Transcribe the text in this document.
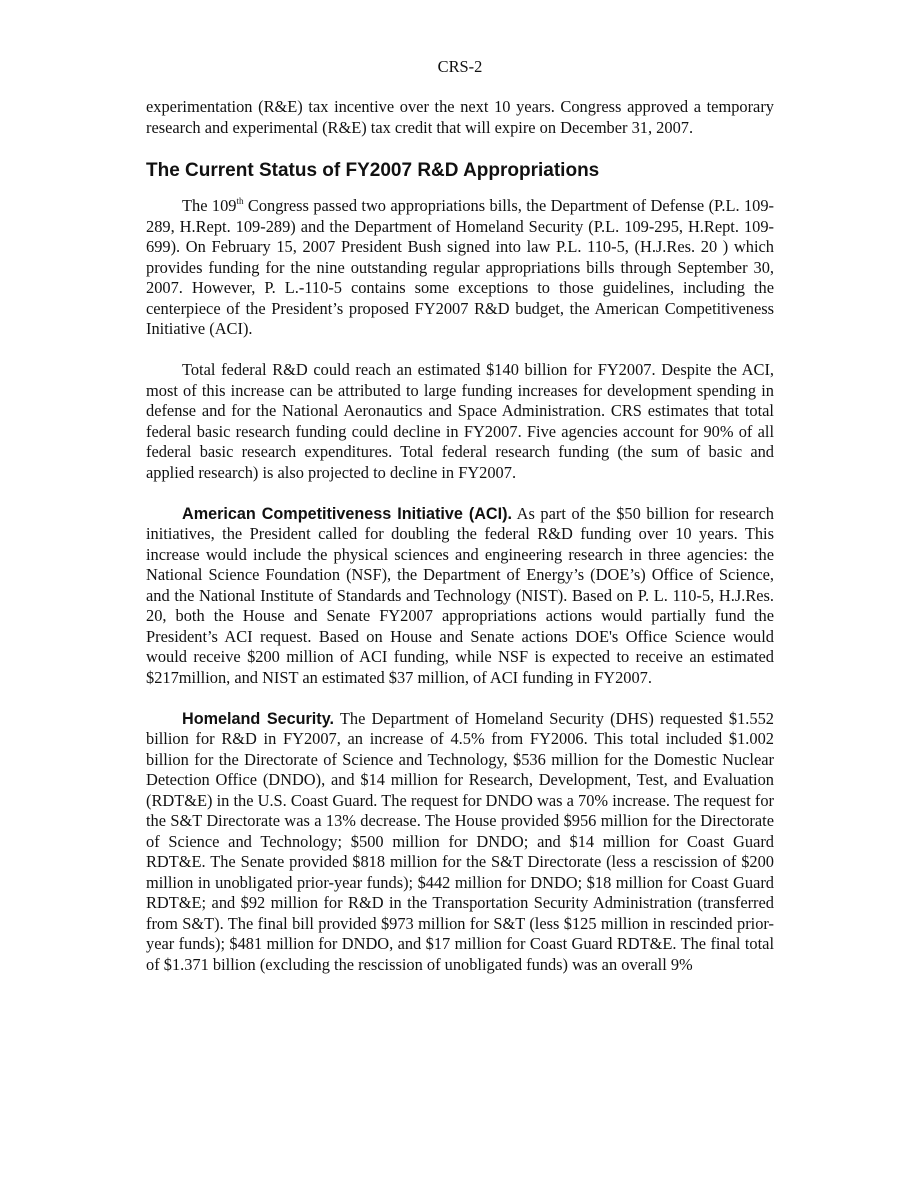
CRS-2

experimentation (R&E) tax incentive over the next 10 years. Congress approved a temporary research and experimental (R&E) tax credit that will expire on December 31, 2007.

The Current Status of FY2007 R&D Appropriations

The 109th Congress passed two appropriations bills, the Department of Defense (P.L. 109-289, H.Rept. 109-289) and the Department of Homeland Security (P.L. 109-295, H.Rept. 109-699). On February 15, 2007 President Bush signed into law P.L. 110-5, (H.J.Res. 20 ) which provides funding for the nine outstanding regular appropriations bills through September 30, 2007. However, P. L.-110-5 contains some exceptions to those guidelines, including the centerpiece of the President’s proposed FY2007 R&D budget, the American Competitiveness Initiative (ACI).

Total federal R&D could reach an estimated $140 billion for FY2007. Despite the ACI, most of this increase can be attributed to large funding increases for development spending in defense and for the National Aeronautics and Space Administration. CRS estimates that total federal basic research funding could decline in FY2007. Five agencies account for 90% of all federal basic research expenditures. Total federal research funding (the sum of basic and applied research) is also projected to decline in FY2007.

American Competitiveness Initiative (ACI). As part of the $50 billion for research initiatives, the President called for doubling the federal R&D funding over 10 years. This increase would include the physical sciences and engineering research in three agencies: the National Science Foundation (NSF), the Department of Energy’s (DOE’s) Office of Science, and the National Institute of Standards and Technology (NIST). Based on P. L. 110-5, H.J.Res. 20, both the House and Senate FY2007 appropriations actions would partially fund the President’s ACI request. Based on House and Senate actions DOE's Office Science would would receive $200 million of ACI funding, while NSF is expected to receive an estimated $217million, and NIST an estimated $37 million, of ACI funding in FY2007.

Homeland Security. The Department of Homeland Security (DHS) requested $1.552 billion for R&D in FY2007, an increase of 4.5% from FY2006. This total included $1.002 billion for the Directorate of Science and Technology, $536 million for the Domestic Nuclear Detection Office (DNDO), and $14 million for Research, Development, Test, and Evaluation (RDT&E) in the U.S. Coast Guard. The request for DNDO was a 70% increase. The request for the S&T Directorate was a 13% decrease. The House provided $956 million for the Directorate of Science and Technology; $500 million for DNDO; and $14 million for Coast Guard RDT&E. The Senate provided $818 million for the S&T Directorate (less a rescission of $200 million in unobligated prior-year funds); $442 million for DNDO; $18 million for Coast Guard RDT&E; and $92 million for R&D in the Transportation Security Administration (transferred from S&T). The final bill provided $973 million for S&T (less $125 million in rescinded prior-year funds); $481 million for DNDO, and $17 million for Coast Guard RDT&E. The final total of $1.371 billion (excluding the rescission of unobligated funds) was an overall 9%
